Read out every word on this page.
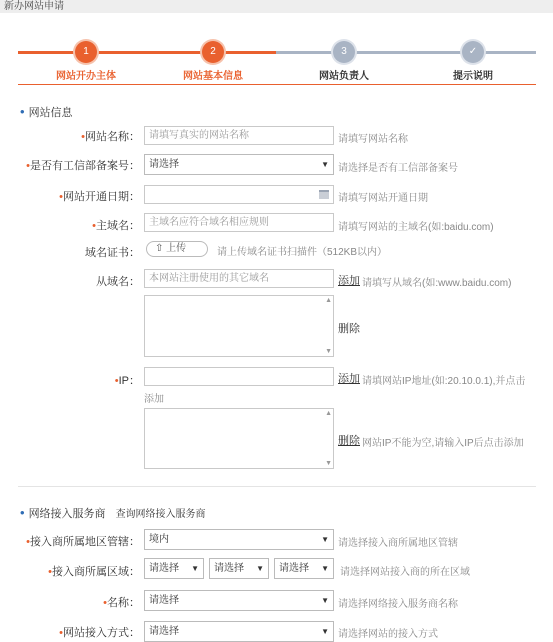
新办网站申请
1	2	3	✓
网站开办主体	网站基本信息	网站负责人	提示说明
• 网站信息
•网站名称： 请填写真实的网站名称	请填写网站名称
•是否有工信部备案号： 请选择	▼ 请选择是否有工信部备案号
•网站开通日期：	请填写网站开通日期
•主域名： 主域名应符合域名相应规则	请填写网站的主域名(如:baidu.com)
域名证书：	⇧ 上传	请上传域名证书扫描件（512KB以内）
从域名： 本网站注册使用的其它域名	添加 请填写从域名(如:www.baidu.com)
▲
▼
删除
•IP：	添加 请填网站IP地址(如:20.10.0.1),并点击
添加
▲
▼
删除 网站IP不能为空,请输入IP后点击添加
• 网络接入服务商 查询网络接入服务商
•接入商所属地区管辖： 境内	▼ 请选择接入商所属地区管辖
•接入商所属区域： 请选择 ▼	请选择 ▼	请选择 ▼ 请选择网站接入商的所在区域
•名称： 请选择	▼ 请选择网络接入服务商名称
•网站接入方式： 请选择	▼ 请选择网站的接入方式
